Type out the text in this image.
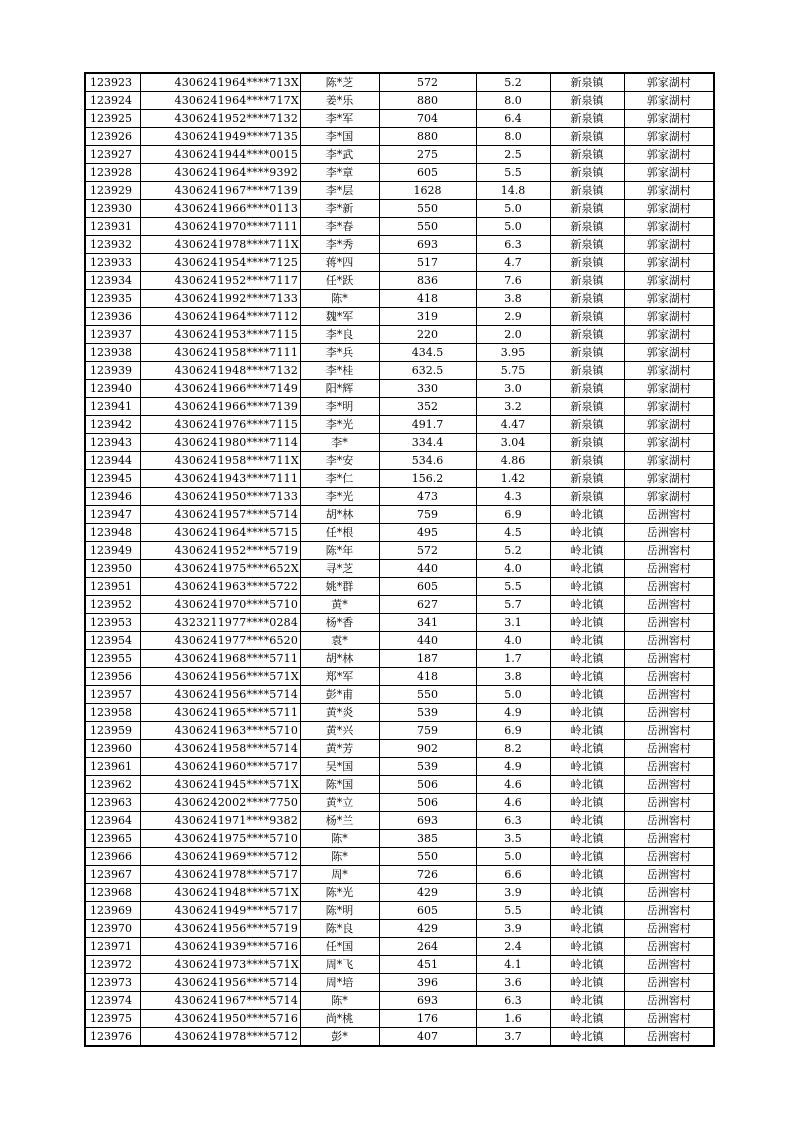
123923	4306241964****713X	陈*芝	572	5.2	新泉镇	郭家湖村
123924	4306241964****717X	姜*乐	880	8.0	新泉镇	郭家湖村
123925	4306241952****7132	李*军	704	6.4	新泉镇	郭家湖村
123926	4306241949****7135	李*国	880	8.0	新泉镇	郭家湖村
123927	4306241944****0015	李*武	275	2.5	新泉镇	郭家湖村
123928	4306241964****9392	李*章	605	5.5	新泉镇	郭家湖村
123929	4306241967****7139	李*层	1628	14.8	新泉镇	郭家湖村
123930	4306241966****0113	李*新	550	5.0	新泉镇	郭家湖村
123931	4306241970****7111	李*春	550	5.0	新泉镇	郭家湖村
123932	4306241978****711X	李*秀	693	6.3	新泉镇	郭家湖村
123933	4306241954****7125	蒋*四	517	4.7	新泉镇	郭家湖村
123934	4306241952****7117	任*跃	836	7.6	新泉镇	郭家湖村
123935	4306241992****7133	陈*	418	3.8	新泉镇	郭家湖村
123936	4306241964****7112	魏*军	319	2.9	新泉镇	郭家湖村
123937	4306241953****7115	李*良	220	2.0	新泉镇	郭家湖村
123938	4306241958****7111	李*兵	434.5	3.95	新泉镇	郭家湖村
123939	4306241948****7132	李*桂	632.5	5.75	新泉镇	郭家湖村
123940	4306241966****7149	阳*辉	330	3.0	新泉镇	郭家湖村
123941	4306241966****7139	李*明	352	3.2	新泉镇	郭家湖村
123942	4306241976****7115	李*光	491.7	4.47	新泉镇	郭家湖村
123943	4306241980****7114	李*	334.4	3.04	新泉镇	郭家湖村
123944	4306241958****711X	李*安	534.6	4.86	新泉镇	郭家湖村
123945	4306241943****7111	李*仁	156.2	1.42	新泉镇	郭家湖村
123946	4306241950****7133	李*光	473	4.3	新泉镇	郭家湖村
123947	4306241957****5714	胡*林	759	6.9	岭北镇	岳洲窖村
123948	4306241964****5715	任*根	495	4.5	岭北镇	岳洲窖村
123949	4306241952****5719	陈*年	572	5.2	岭北镇	岳洲窖村
123950	4306241975****652X	寻*芝	440	4.0	岭北镇	岳洲窖村
123951	4306241963****5722	姚*群	605	5.5	岭北镇	岳洲窖村
123952	4306241970****5710	黄*	627	5.7	岭北镇	岳洲窖村
123953	4323211977****0284	杨*香	341	3.1	岭北镇	岳洲窖村
123954	4306241977****6520	袁*	440	4.0	岭北镇	岳洲窖村
123955	4306241968****5711	胡*林	187	1.7	岭北镇	岳洲窖村
123956	4306241956****571X	郑*军	418	3.8	岭北镇	岳洲窖村
123957	4306241956****5714	彭*甫	550	5.0	岭北镇	岳洲窖村
123958	4306241965****5711	黄*炎	539	4.9	岭北镇	岳洲窖村
123959	4306241963****5710	黄*兴	759	6.9	岭北镇	岳洲窖村
123960	4306241958****5714	黄*芳	902	8.2	岭北镇	岳洲窖村
123961	4306241960****5717	吴*国	539	4.9	岭北镇	岳洲窖村
123962	4306241945****571X	陈*国	506	4.6	岭北镇	岳洲窖村
123963	4306242002****7750	黄*立	506	4.6	岭北镇	岳洲窖村
123964	4306241971****9382	杨*兰	693	6.3	岭北镇	岳洲窖村
123965	4306241975****5710	陈*	385	3.5	岭北镇	岳洲窖村
123966	4306241969****5712	陈*	550	5.0	岭北镇	岳洲窖村
123967	4306241978****5717	周*	726	6.6	岭北镇	岳洲窖村
123968	4306241948****571X	陈*光	429	3.9	岭北镇	岳洲窖村
123969	4306241949****5717	陈*明	605	5.5	岭北镇	岳洲窖村
123970	4306241956****5719	陈*良	429	3.9	岭北镇	岳洲窖村
123971	4306241939****5716	任*国	264	2.4	岭北镇	岳洲窖村
123972	4306241973****571X	周*飞	451	4.1	岭北镇	岳洲窖村
123973	4306241956****5714	周*培	396	3.6	岭北镇	岳洲窖村
123974	4306241967****5714	陈*	693	6.3	岭北镇	岳洲窖村
123975	4306241950****5716	尚*桃	176	1.6	岭北镇	岳洲窖村
123976	4306241978****5712	彭*	407	3.7	岭北镇	岳洲窖村
